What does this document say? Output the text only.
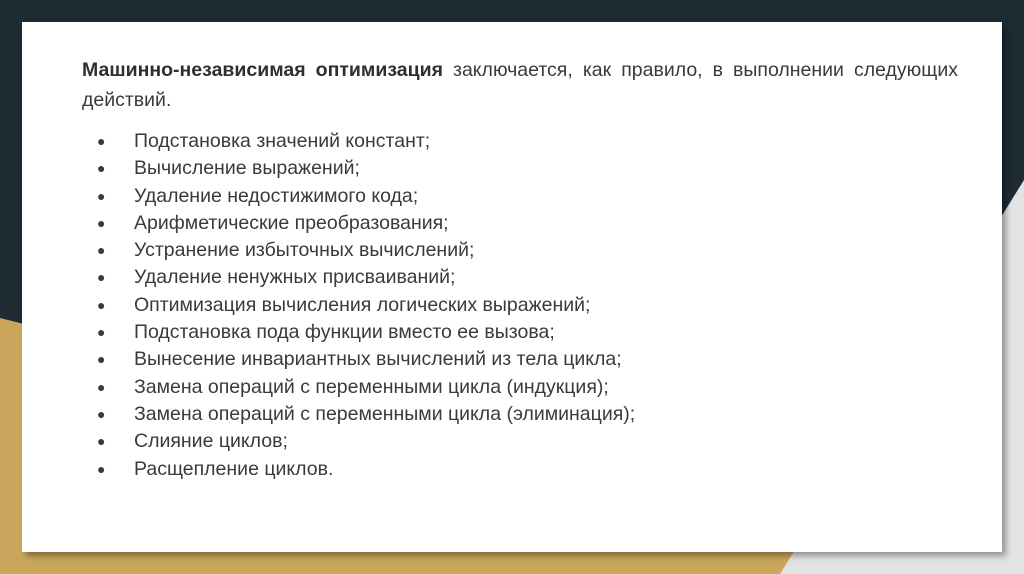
Машинно-независимая оптимизация заключается, как правило, в выполнении следующих действий.
● Подстановка значений констант;
● Вычисление выражений;
● Удаление недостижимого кода;
● Арифметические преобразования;
● Устранение избыточных вычислений;
● Удаление ненужных присваиваний;
● Оптимизация вычисления логических выражений;
● Подстановка пода функции вместо ее вызова;
● Вынесение инвариантных вычислений из тела цикла;
● Замена операций с переменными цикла (индукция);
● Замена операций с переменными цикла (элиминация);
● Слияние циклов;
● Расщепление циклов.
